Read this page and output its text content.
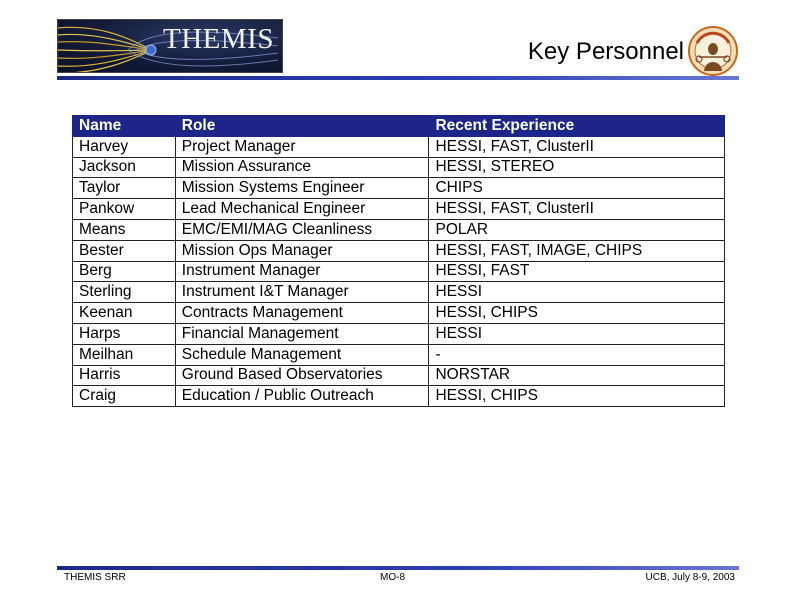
THEMIS	Key Personnel
Name	Role	Recent Experience
Harvey	Project Manager	HESSI, FAST, ClusterII
Jackson	Mission Assurance	HESSI, STEREO
Taylor	Mission Systems Engineer	CHIPS
Pankow	Lead Mechanical Engineer	HESSI, FAST, ClusterII
Means	EMC/EMI/MAG Cleanliness	POLAR
Bester	Mission Ops Manager	HESSI, FAST, IMAGE, CHIPS
Berg	Instrument Manager	HESSI, FAST
Sterling	Instrument I&T Manager	HESSI
Keenan	Contracts Management	HESSI, CHIPS
Harps	Financial Management	HESSI
Meilhan	Schedule Management	-
Harris	Ground Based Observatories	NORSTAR
Craig	Education / Public Outreach	HESSI, CHIPS
THEMIS SRR	MO-8	UCB, July 8-9, 2003
